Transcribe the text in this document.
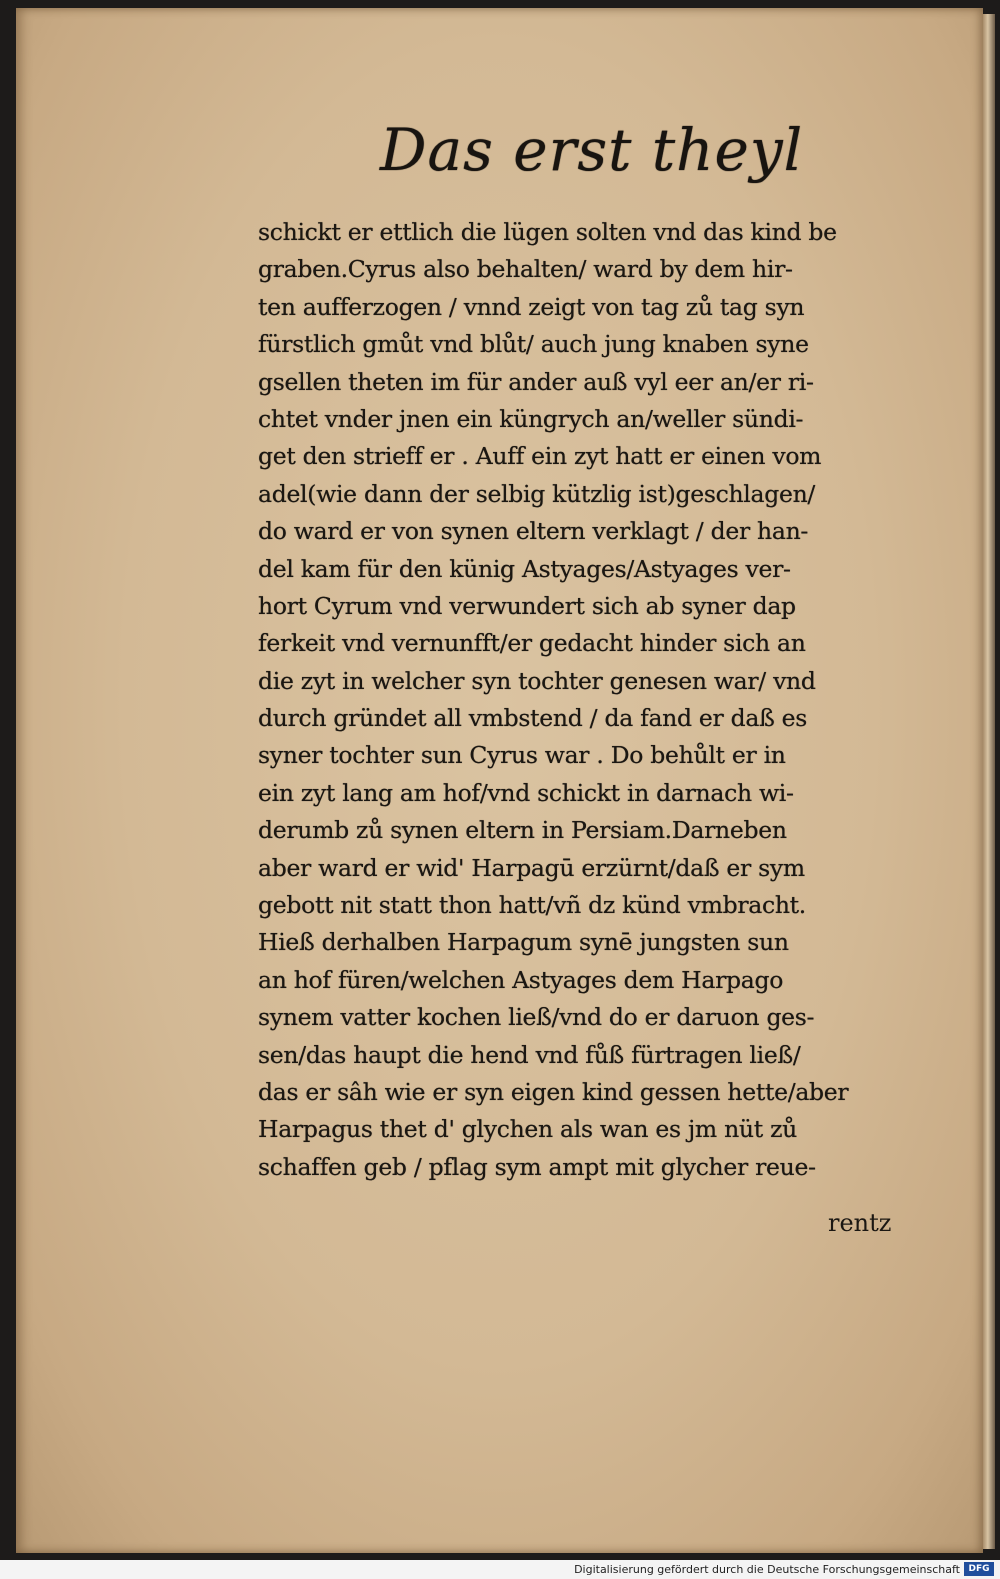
Das erst theyl
schickt er ettlich die lügen solten vnd das kind be
graben.Cyrus also behalten/ ward by dem hir-
ten aufferzogen / vnnd zeigt von tag zů tag syn
fürstlich gmůt vnd blůt/ auch jung knaben syne
gsellen theten im für ander auß vyl eer an/er ri-
chtet vnder jnen ein küngrych an/weller sündi-
get den strieff er . Auff ein zyt hatt er einen vom
adel(wie dann der selbig kützlig ist)geschlagen/
do ward er von synen eltern verklagt / der han-
del kam für den künig Astyages/Astyages ver-
hort Cyrum vnd verwundert sich ab syner dap
ferkeit vnd vernunfft/er gedacht hinder sich an
die zyt in welcher syn tochter genesen war/ vnd
durch gründet all vmbstend / da fand er daß es
syner tochter sun Cyrus war . Do behůlt er in
ein zyt lang am hof/vnd schickt in darnach wi-
derumb zů synen eltern in Persiam.Darneben
aber ward er wid' Harpagū erzürnt/daß er sym
gebott nit statt thon hatt/vñ dz künd vmbracht.
Hieß derhalben Harpagum synē jungsten sun
an hof füren/welchen Astyages dem Harpago
synem vatter kochen ließ/vnd do er daruon ges-
sen/das haupt die hend vnd fůß fürtragen ließ/
das er sâh wie er syn eigen kind gessen hette/aber
Harpagus thet d' glychen als wan es jm nüt zů
schaffen geb / pflag sym ampt mit glycher reue-
rentz
Digitalisierung gefördert durch die Deutsche Forschungsgemeinschaft DFG
